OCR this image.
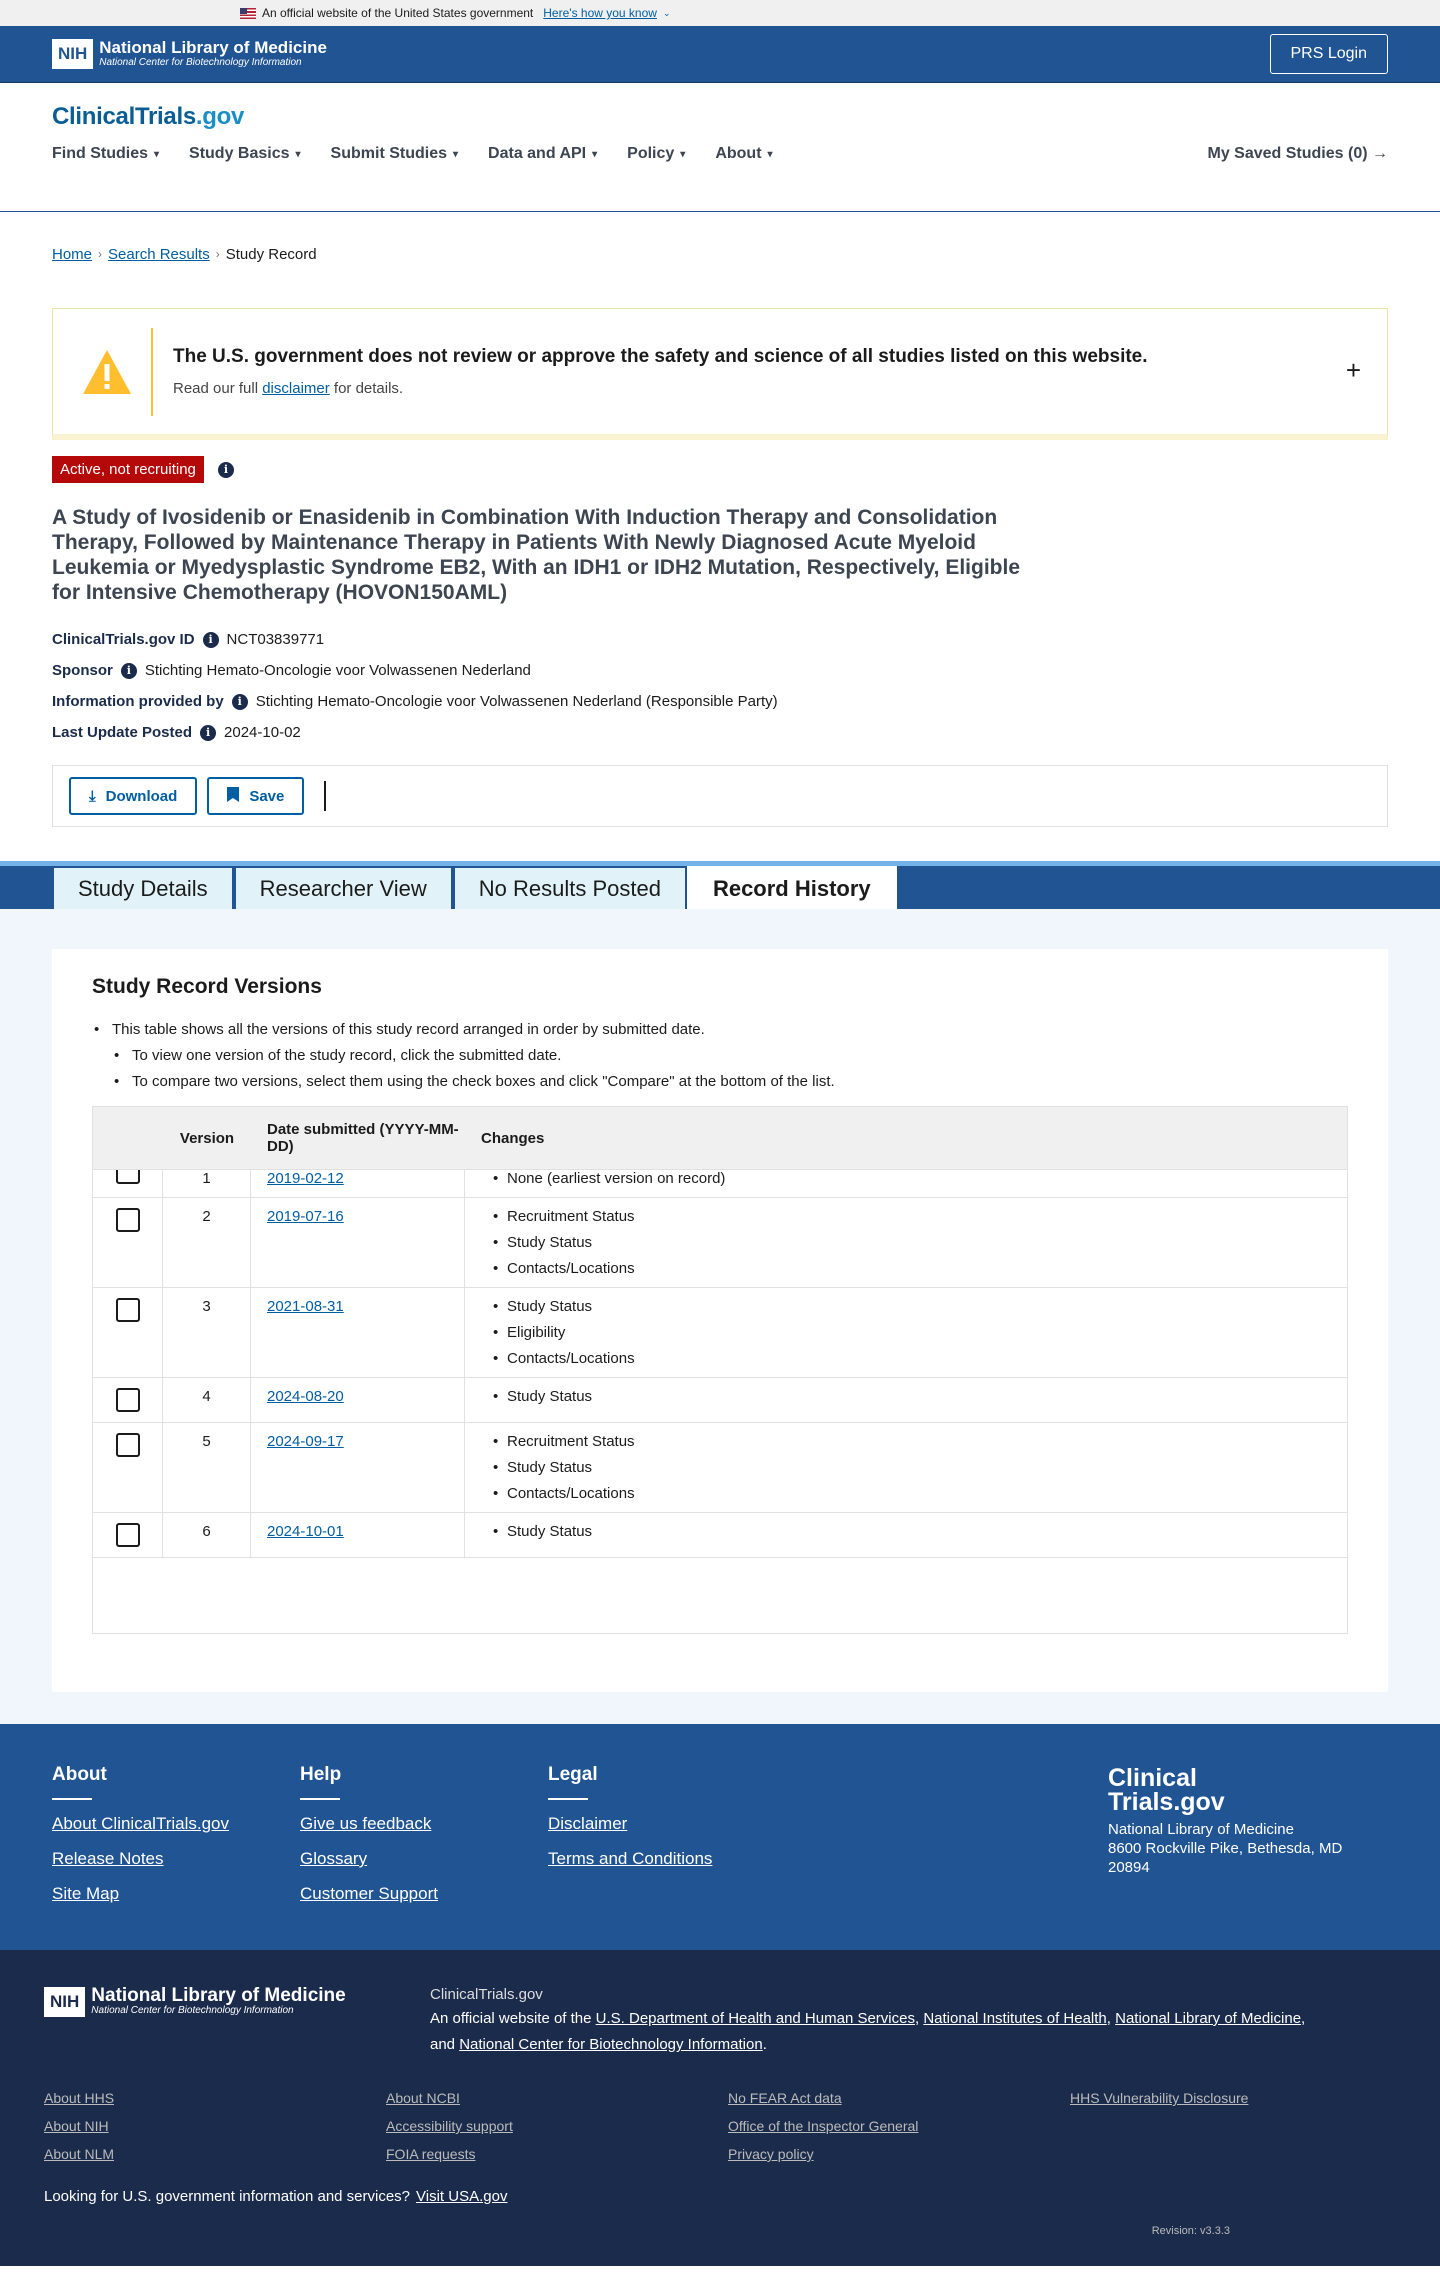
An official website of the United States government Here's how you know ⌄
NIH National Library of Medicine
National Center for Biotechnology Information
PRS Login
ClinicalTrials.gov
Find Studies ▾ Study Basics ▾ Submit Studies ▾ Data and API ▾ Policy ▾ About ▾	My Saved Studies (0) →
Home › Search Results › Study Record
The U.S. government does not review or approve the safety and science of all studies listed on this website.

Read our full disclaimer for details.

+
Active, not recruiting	i
A Study of Ivosidenib or Enasidenib in Combination With Induction Therapy and Consolidation Therapy, Followed by Maintenance Therapy in Patients With Newly Diagnosed Acute Myeloid Leukemia or Myedysplastic Syndrome EB2, With an IDH1 or IDH2 Mutation, Respectively, Eligible for Intensive Chemotherapy (HOVON150AML)
ClinicalTrials.gov ID	i NCT03839771
Sponsor	i Stichting Hemato-Oncologie voor Volwassenen Nederland
Information provided by	i Stichting Hemato-Oncologie voor Volwassenen Nederland (Responsible Party)
Last Update Posted	i 2024-10-02
⤓ Download	Save
Study Details	Researcher View	No Results Posted	Record History
Study Record Versions
• This table shows all the versions of this study record arranged in order by submitted date.
• To view one version of the study record, click the submitted date.
• To compare two versions, select them using the check boxes and click "Compare" at the bottom of the list.
Version	Date submitted (YYYY-MM-DD)	Changes
1	2019-02-12	• None (earliest version on record)
2	2019-07-16	• Recruitment Status
• Study Status
• Contacts/Locations
3	2021-08-31	• Study Status
• Eligibility
• Contacts/Locations
4	2024-08-20	• Study Status
5	2024-09-17	• Recruitment Status
• Study Status
• Contacts/Locations
6	2024-10-01	• Study Status
About
About ClinicalTrials.gov
Release Notes
Site Map
Help
Give us feedback
Glossary
Customer Support
Legal
Disclaimer
Terms and Conditions
Clinical
Trials.gov
National Library of Medicine
8600 Rockville Pike, Bethesda, MD
20894
NIH National Library of Medicine
National Center for Biotechnology Information
ClinicalTrials.gov
An official website of the U.S. Department of Health and Human Services, National Institutes of Health, National Library of Medicine,
and National Center for Biotechnology Information.
About HHS	About NCBI	No FEAR Act data	HHS Vulnerability Disclosure
About NIH	Accessibility support	Office of the Inspector General
About NLM	FOIA requests	Privacy policy
Looking for U.S. government information and services? Visit USA.gov
Revision: v3.3.3
